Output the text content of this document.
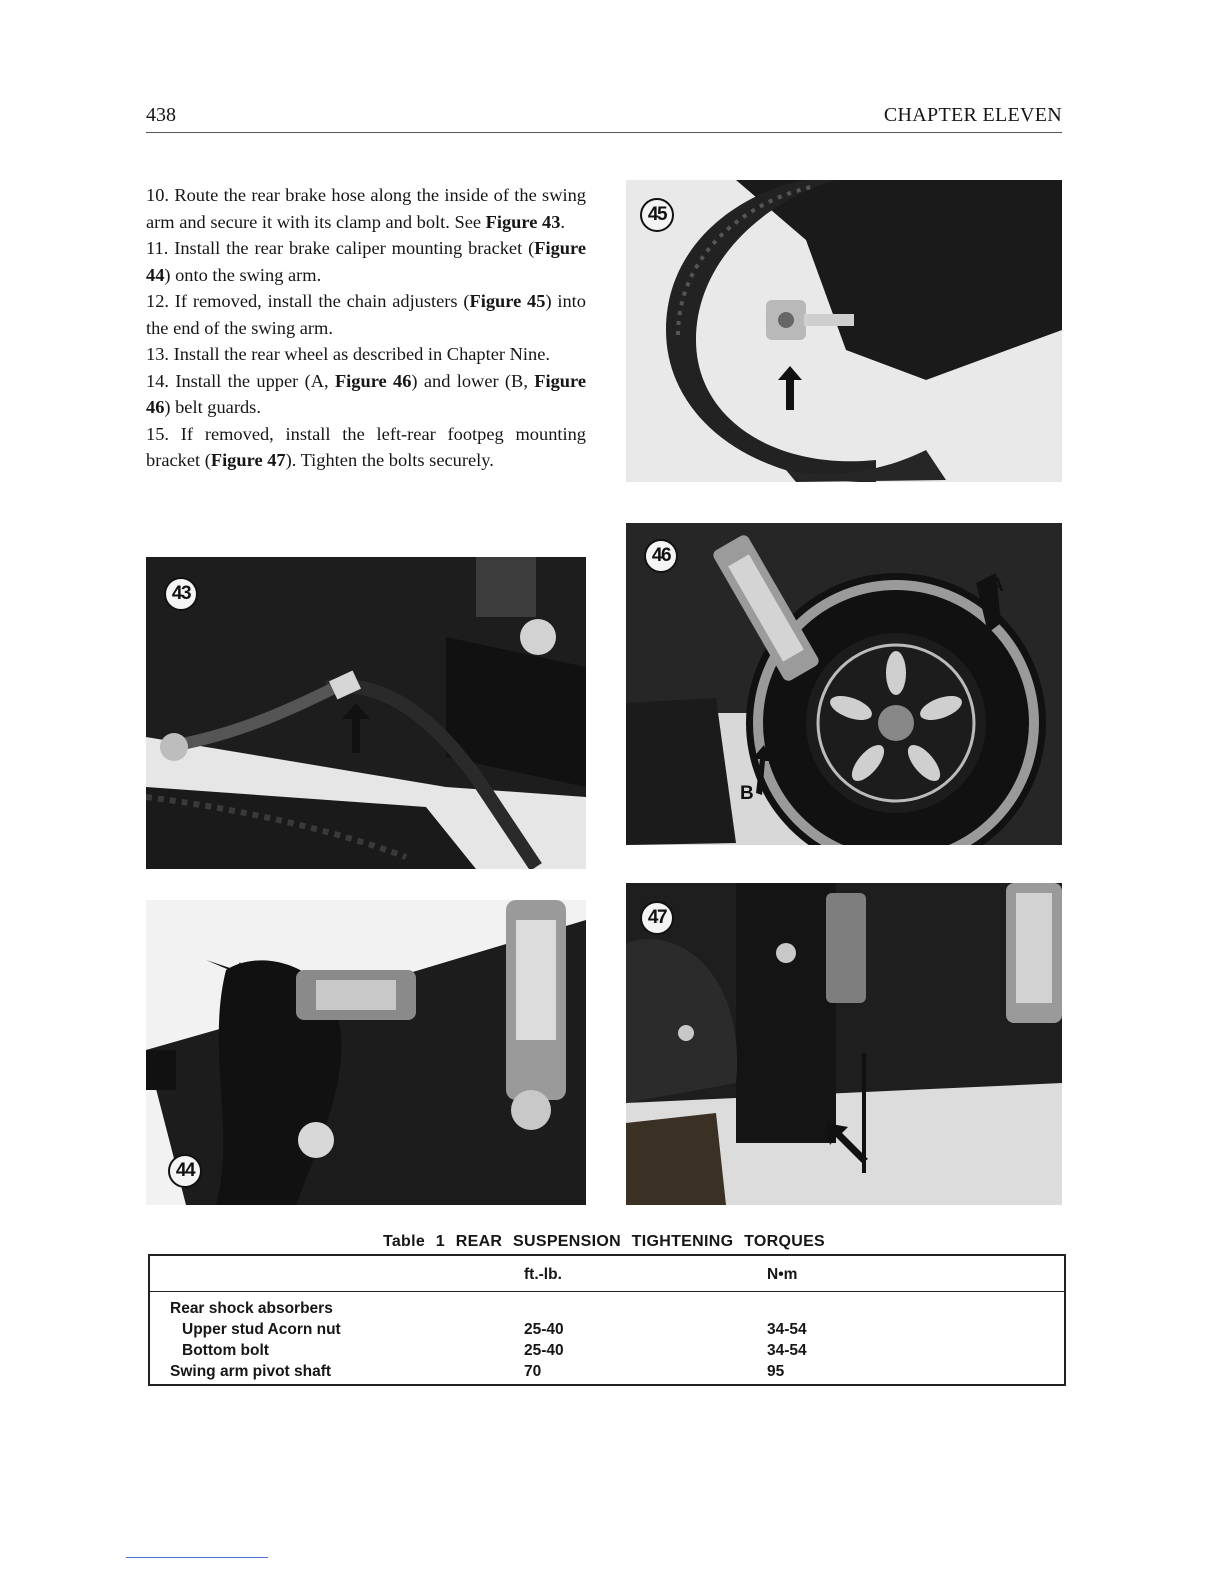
438	CHAPTER ELEVEN
10. Route the rear brake hose along the inside of the swing arm and secure it with its clamp and bolt. See Figure 43.
11. Install the rear brake caliper mounting bracket (Figure 44) onto the swing arm.
12. If removed, install the chain adjusters (Figure 45) into the end of the swing arm.
13. Install the rear wheel as described in Chapter Nine.
14. Install the upper (A, Figure 46) and lower (B, Figure 46) belt guards.
15. If removed, install the left-rear footpeg mounting bracket (Figure 47). Tighten the bolts securely.
45
46
A
B
43
44
47
Table 1 REAR SUSPENSION TIGHTENING TORQUES
ft.-lb.	N•m
Rear shock absorbers
Upper stud Acorn nut	25-40	34-54
Bottom bolt	25-40	34-54
Swing arm pivot shaft	70	95
